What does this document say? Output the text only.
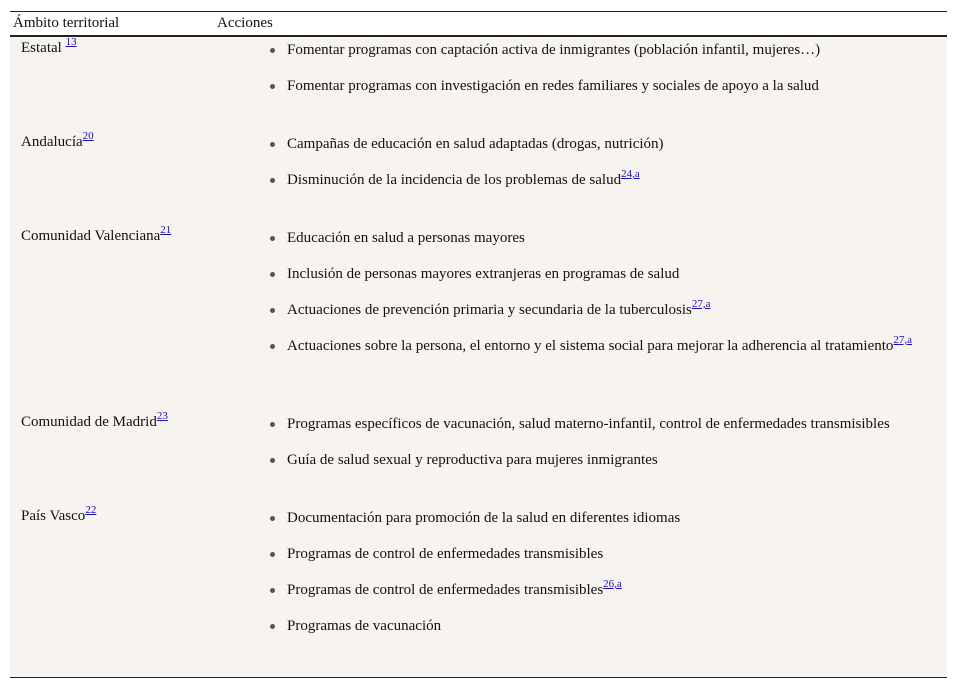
Ámbito territorial	Acciones
Estatal $^{13}$	Fomentar programas con captación activa de inmigrantes (población infantil, mujeres…)
Fomentar programas con investigación en redes familiares y sociales de apoyo a la salud
Andalucía$^{20}$	Campañas de educación en salud adaptadas (drogas, nutrición)
Disminución de la incidencia de los problemas de salud$^{24,a}$
Comunidad Valenciana$^{21}$	Educación en salud a personas mayores
Inclusión de personas mayores extranjeras en programas de salud
Actuaciones de prevención primaria y secundaria de la tuberculosis$^{27,a}$
Actuaciones sobre la persona, el entorno y el sistema social para mejorar la adherencia al tratamiento$^{27,a}$
Comunidad de Madrid$^{23}$	Programas específicos de vacunación, salud materno-infantil, control de enfermedades transmisibles
Guía de salud sexual y reproductiva para mujeres inmigrantes
País Vasco$^{22}$	Documentación para promoción de la salud en diferentes idiomas
Programas de control de enfermedades transmisibles
Programas de control de enfermedades transmisibles$^{26,a}$
Programas de vacunación
